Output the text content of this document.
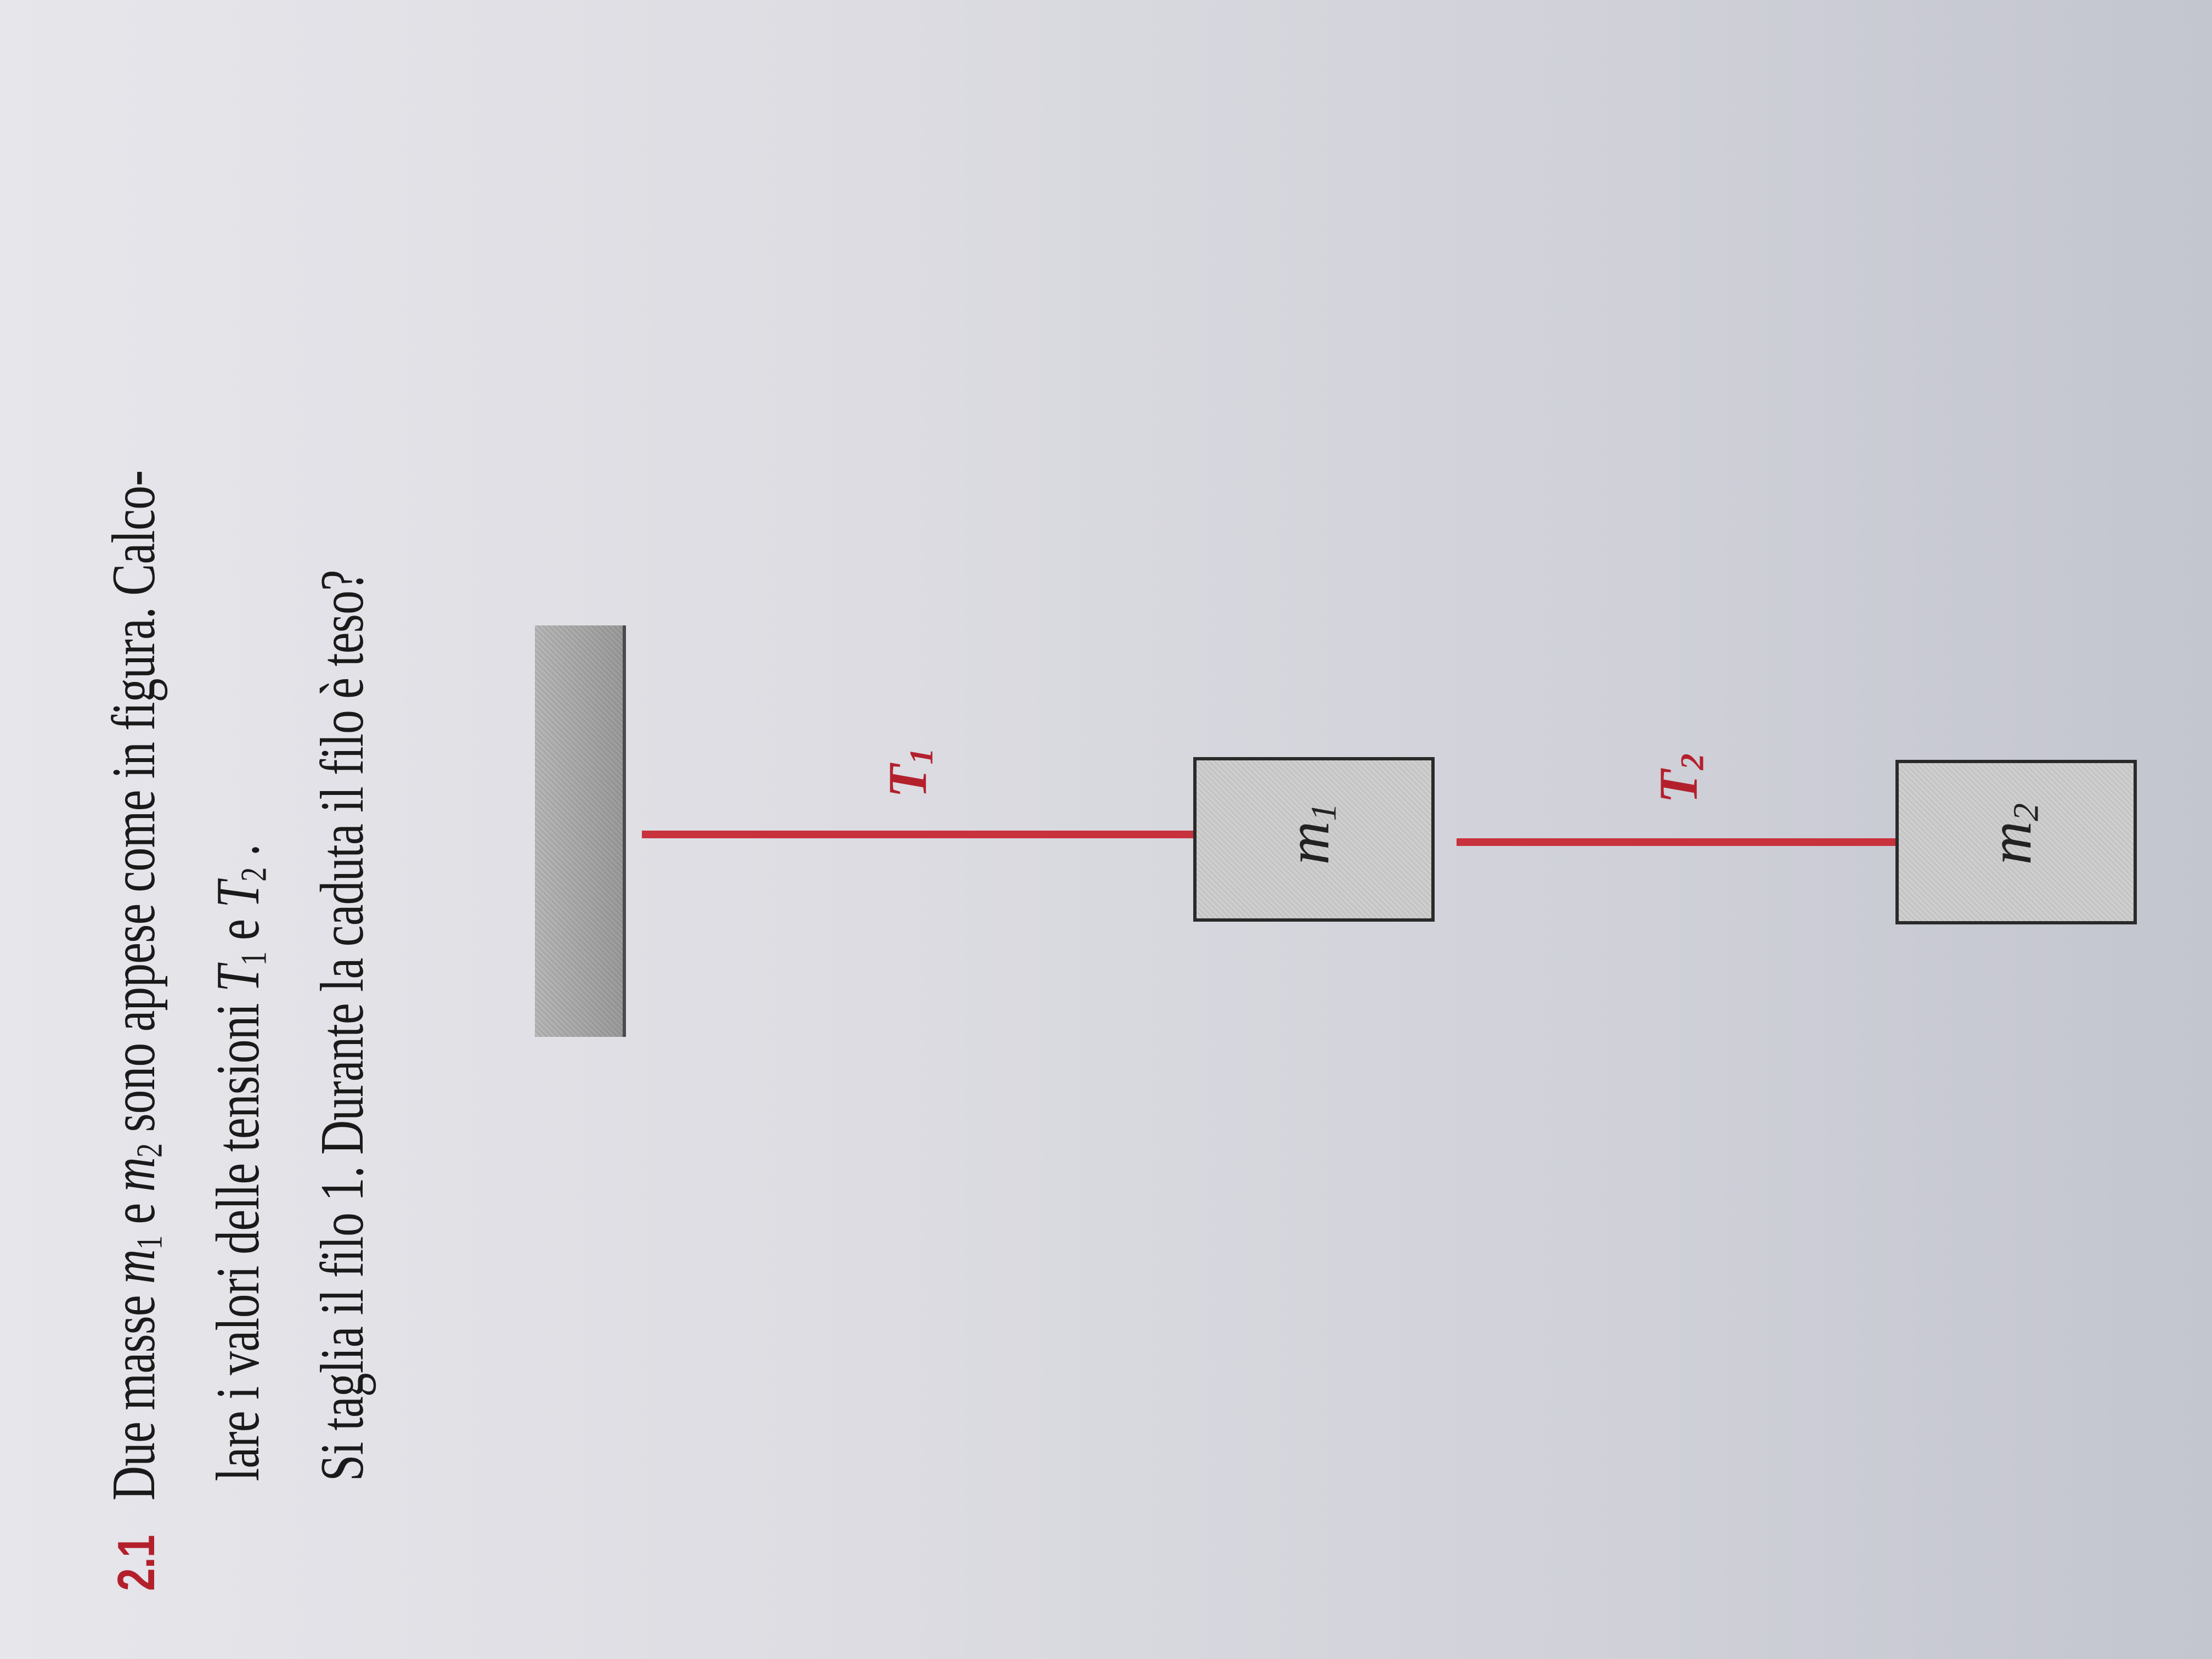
2.1   Due masse m1 e m2 sono appese come in figura. Calco-
lare i valori delle tensioni T1 e T2 . Si taglia il filo 1. Durante la caduta il filo è teso?	$T_1$
m1
$T_2$
m2
